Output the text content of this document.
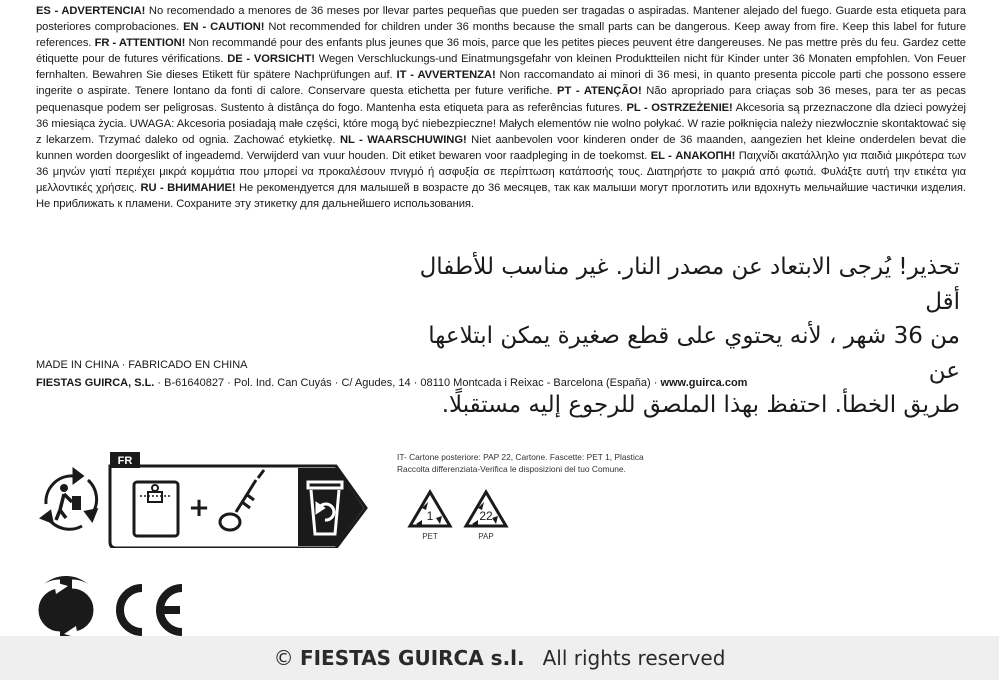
ES - ADVERTENCIA! No recomendado a menores de 36 meses por llevar partes pequeñas que pueden ser tragadas o aspiradas. Mantener alejado del fuego. Guarde esta etiqueta para posteriores comprobaciones. EN - CAUTION! Not recommended for children under 36 months because the small parts can be dangerous. Keep away from fire. Keep this label for future references. FR - ATTENTION! Non recommandé pour des enfants plus jeunes que 36 mois, parce que les petites pieces peuvent étre dangereuses. Ne pas mettre près du feu. Gardez cette étiquette pour de futures vérifications. DE - VORSICHT! Wegen Verschluckungs-und Einatmungsgefahr von kleinen Produktteilen nicht für Kinder unter 36 Monaten empfohlen. Von Feuer fernhalten. Bewahren Sie dieses Etikett für spätere Nachprüfungen auf. IT - AVVERTENZA! Non raccomandato ai minori di 36 mesi, in quanto presenta piccole parti che possono essere ingerite o aspirate. Tenere lontano da fonti di calore. Conservare questa etichetta per future verifiche. PT - ATENÇÃO! Não apropriado para criaças sob 36 meses, para ter as pecas pequenasque podem ser peligrosas. Sustento à distânça do fogo. Mantenha esta etiqueta para as referências futures. PL - OSTRZEŻENIE! Akcesoria są przeznaczone dla dzieci powyżej 36 miesiąca życia. UWAGA: Akcesoria posiadają małe części, które mogą być niebezpieczne! Małych elementów nie wolno połykać. W razie połknięcia należy niezwłocznie skontaktować się z lekarzem. Trzymać daleko od ognia. Zachować etykietkę. NL - WAARSCHUWING! Niet aanbevolen voor kinderen onder de 36 maanden, aangezien het kleine onderdelen bevat die kunnen worden doorgeslikt of ingeademd. Verwijderd van vuur houden. Dit etiket bewaren voor raadpleging in de toekomst. EL - ΑΝΑΚΟΠΗ! Παιχνίδι ακατάλληλο για παιδιά μικρότερα των 36 μηνών γιατί περιέχει μικρά κομμάτια που μπορεί να προκαλέσουν πνιγμό ή ασφυξία σε περίπτωση κατάποσής τους. Διατηρήστε το μακριά από φωτιά. Φυλάξτε αυτή την ετικέτα για μελλοντικές χρήσεις. RU - ВНИМАНИЕ! Не рекомендуется для малышей в возрасте до 36 месяцев, так как малыши могут проглотить или вдохнуть мельчайшие частички изделия. Не приближать к пламени. Сохраните эту этикетку для дальнейшего использования.
تحذير! يُرجى الابتعاد عن مصدر النار. غير مناسب للأطفال أقل
من 36 شهر ، لأنه يحتوي على قطع صغيرة يمكن ابتلاعها عن
طريق الخطأ. احتفظ بهذا الملصق للرجوع إليه مستقبلًا.
MADE IN CHINA · FABRICADO EN CHINA
FIESTAS GUIRCA, S.L. · B-61640827 · Pol. Ind. Can Cuyás · C/ Agudes, 14 · 08110 Montcada i Reixac - Barcelona (España) · www.guirca.com
FR
+
IT- Cartone posteriore: PAP 22, Cartone. Fascette: PET 1, Plastica
Raccolta differenziata-Verifica le disposizioni del tuo Comune.
1
PET
22
PAP
© FIESTAS GUIRCA s.l. All rights reserved
